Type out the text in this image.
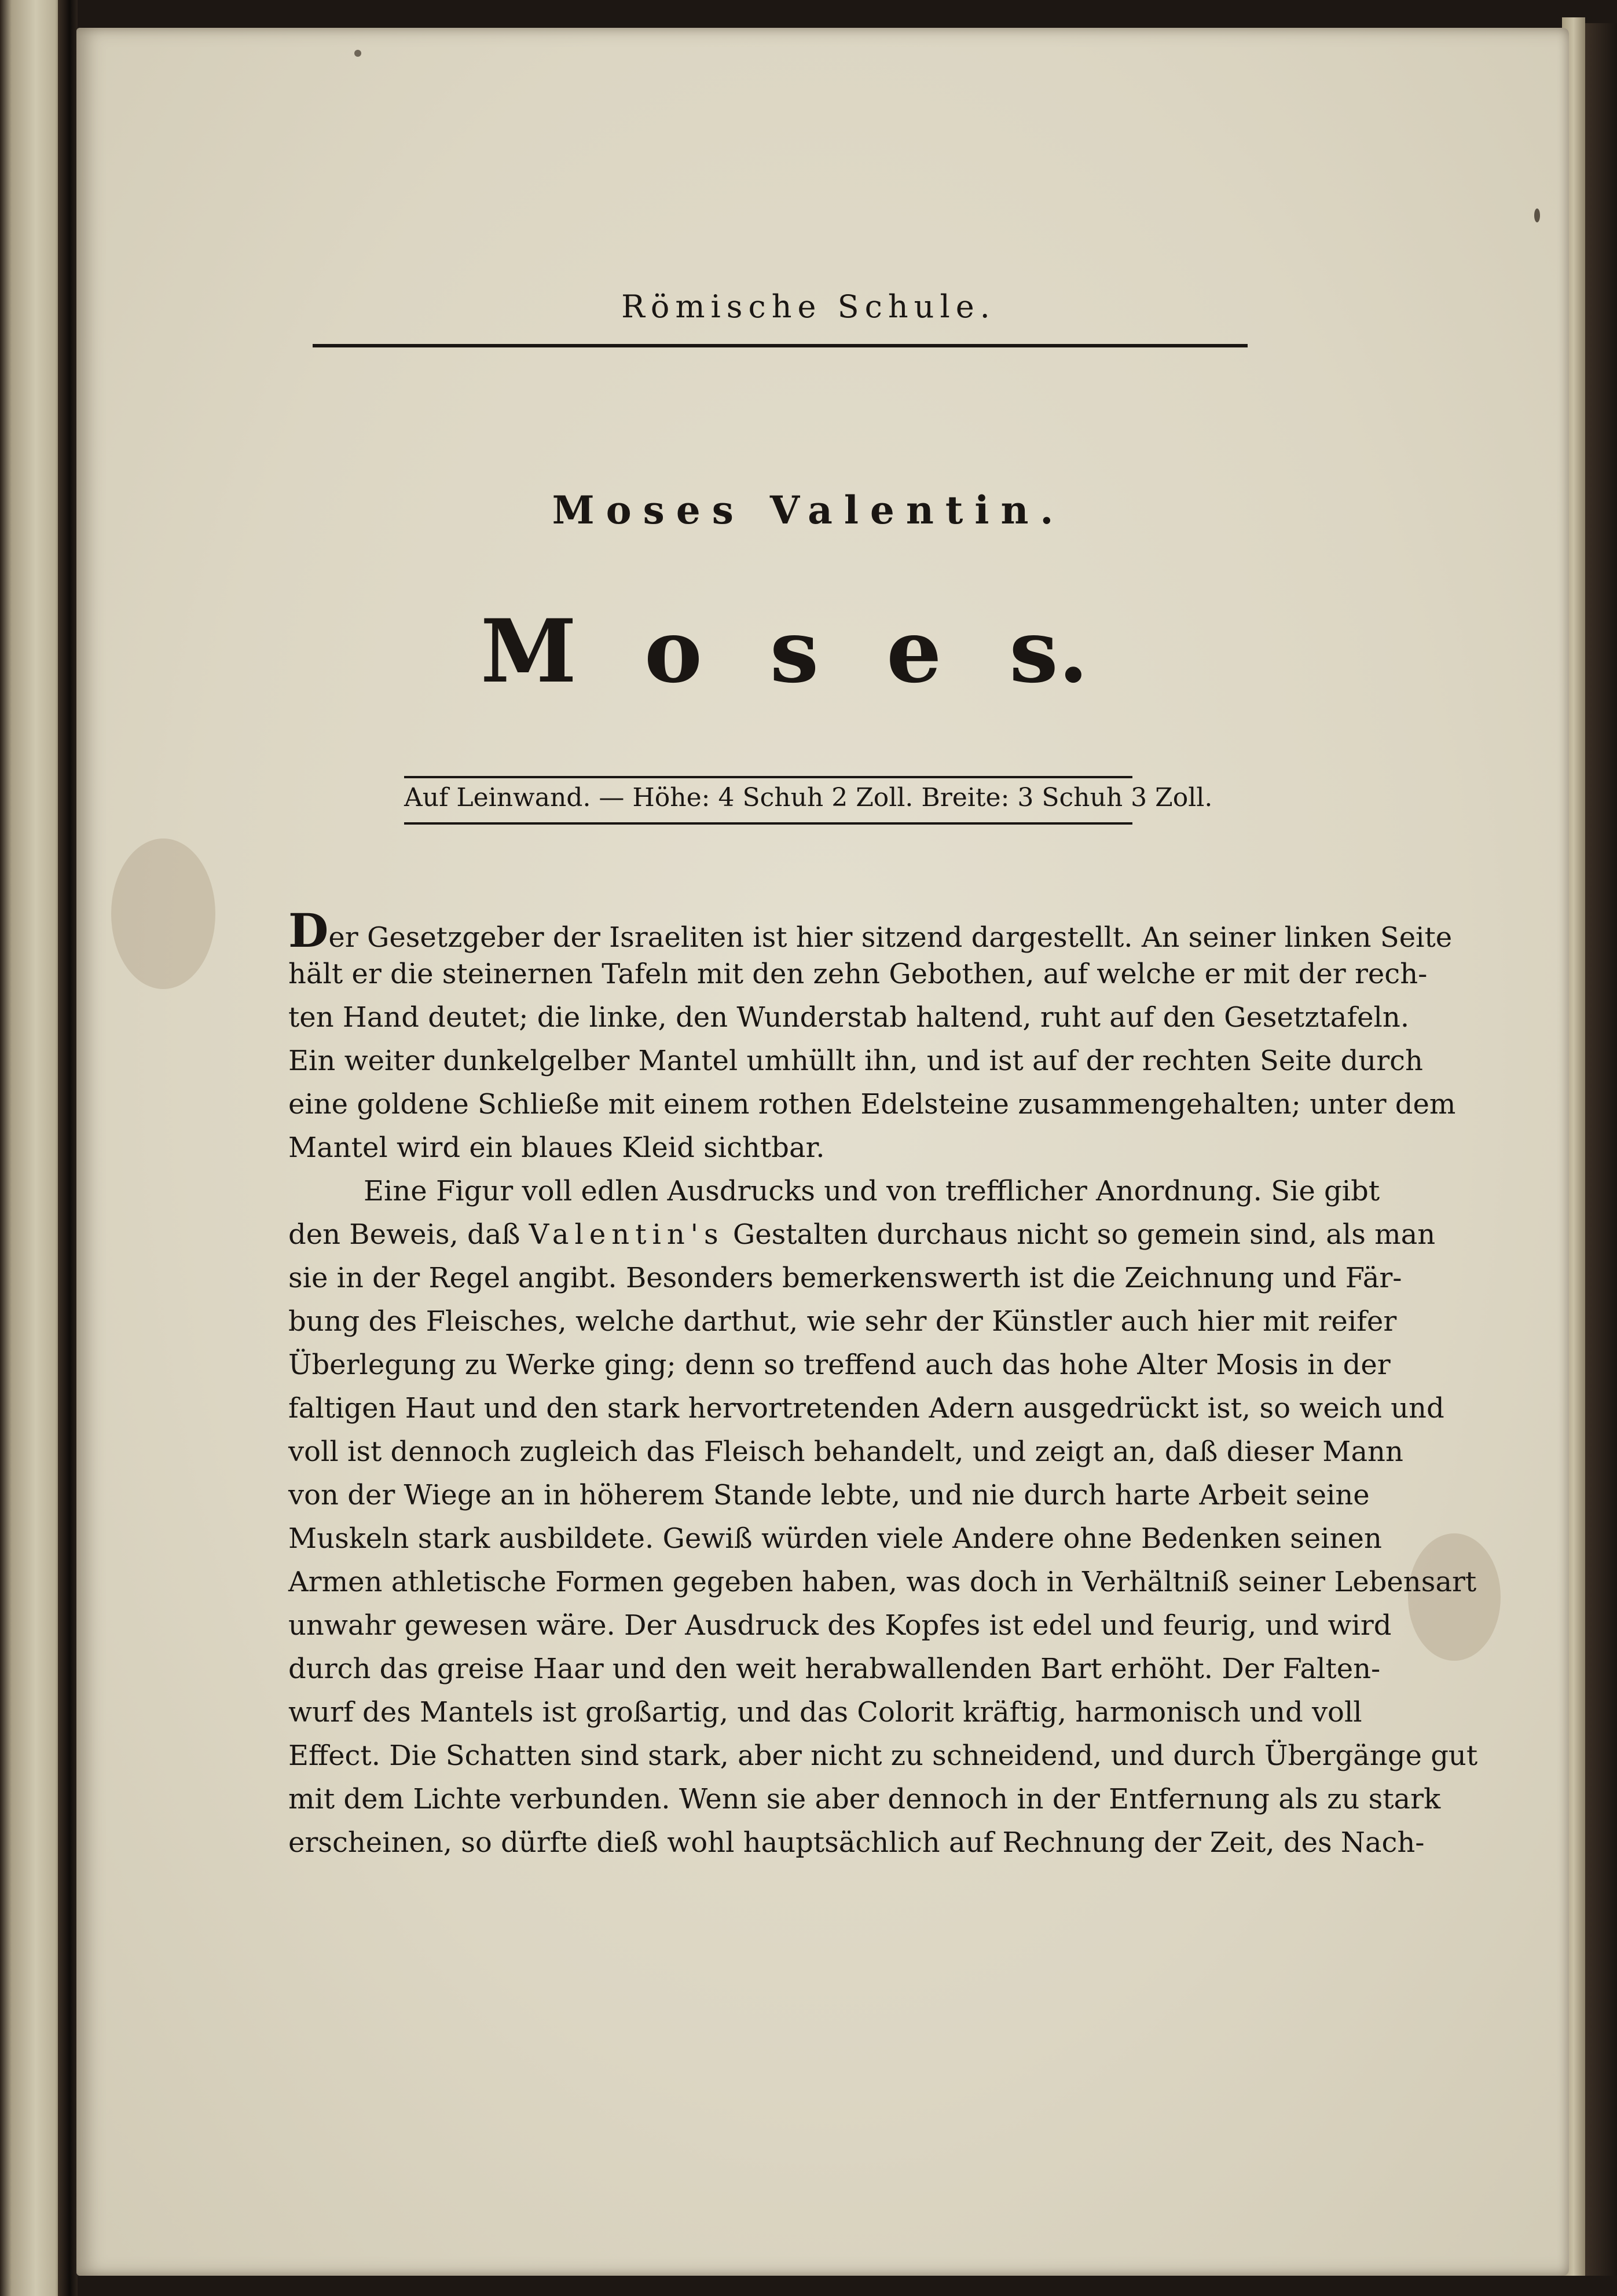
Römische Schule.
Moses Valentin.
M o s e s.
Auf Leinwand. — Höhe: 4 Schuh 2 Zoll. Breite: 3 Schuh 3 Zoll.
Der Gesetzgeber der Israeliten ist hier sitzend dargestellt. An seiner linken Seite
hält er die steinernen Tafeln mit den zehn Gebothen, auf welche er mit der rech-
ten Hand deutet; die linke, den Wunderstab haltend, ruht auf den Gesetztafeln.
Ein weiter dunkelgelber Mantel umhüllt ihn, und ist auf der rechten Seite durch
eine goldene Schließe mit einem rothen Edelsteine zusammengehalten; unter dem
Mantel wird ein blaues Kleid sichtbar.
Eine Figur voll edlen Ausdrucks und von trefflicher Anordnung. Sie gibt
den Beweis, daß Valentin's Gestalten durchaus nicht so gemein sind, als man
sie in der Regel angibt. Besonders bemerkenswerth ist die Zeichnung und Fär-
bung des Fleisches, welche darthut, wie sehr der Künstler auch hier mit reifer
Überlegung zu Werke ging; denn so treffend auch das hohe Alter Mosis in der
faltigen Haut und den stark hervortretenden Adern ausgedrückt ist, so weich und
voll ist dennoch zugleich das Fleisch behandelt, und zeigt an, daß dieser Mann
von der Wiege an in höherem Stande lebte, und nie durch harte Arbeit seine
Muskeln stark ausbildete. Gewiß würden viele Andere ohne Bedenken seinen
Armen athletische Formen gegeben haben, was doch in Verhältniß seiner Lebensart
unwahr gewesen wäre. Der Ausdruck des Kopfes ist edel und feurig, und wird
durch das greise Haar und den weit herabwallenden Bart erhöht. Der Falten-
wurf des Mantels ist großartig, und das Colorit kräftig, harmonisch und voll
Effect. Die Schatten sind stark, aber nicht zu schneidend, und durch Übergänge gut
mit dem Lichte verbunden. Wenn sie aber dennoch in der Entfernung als zu stark
erscheinen, so dürfte dieß wohl hauptsächlich auf Rechnung der Zeit, des Nach-
